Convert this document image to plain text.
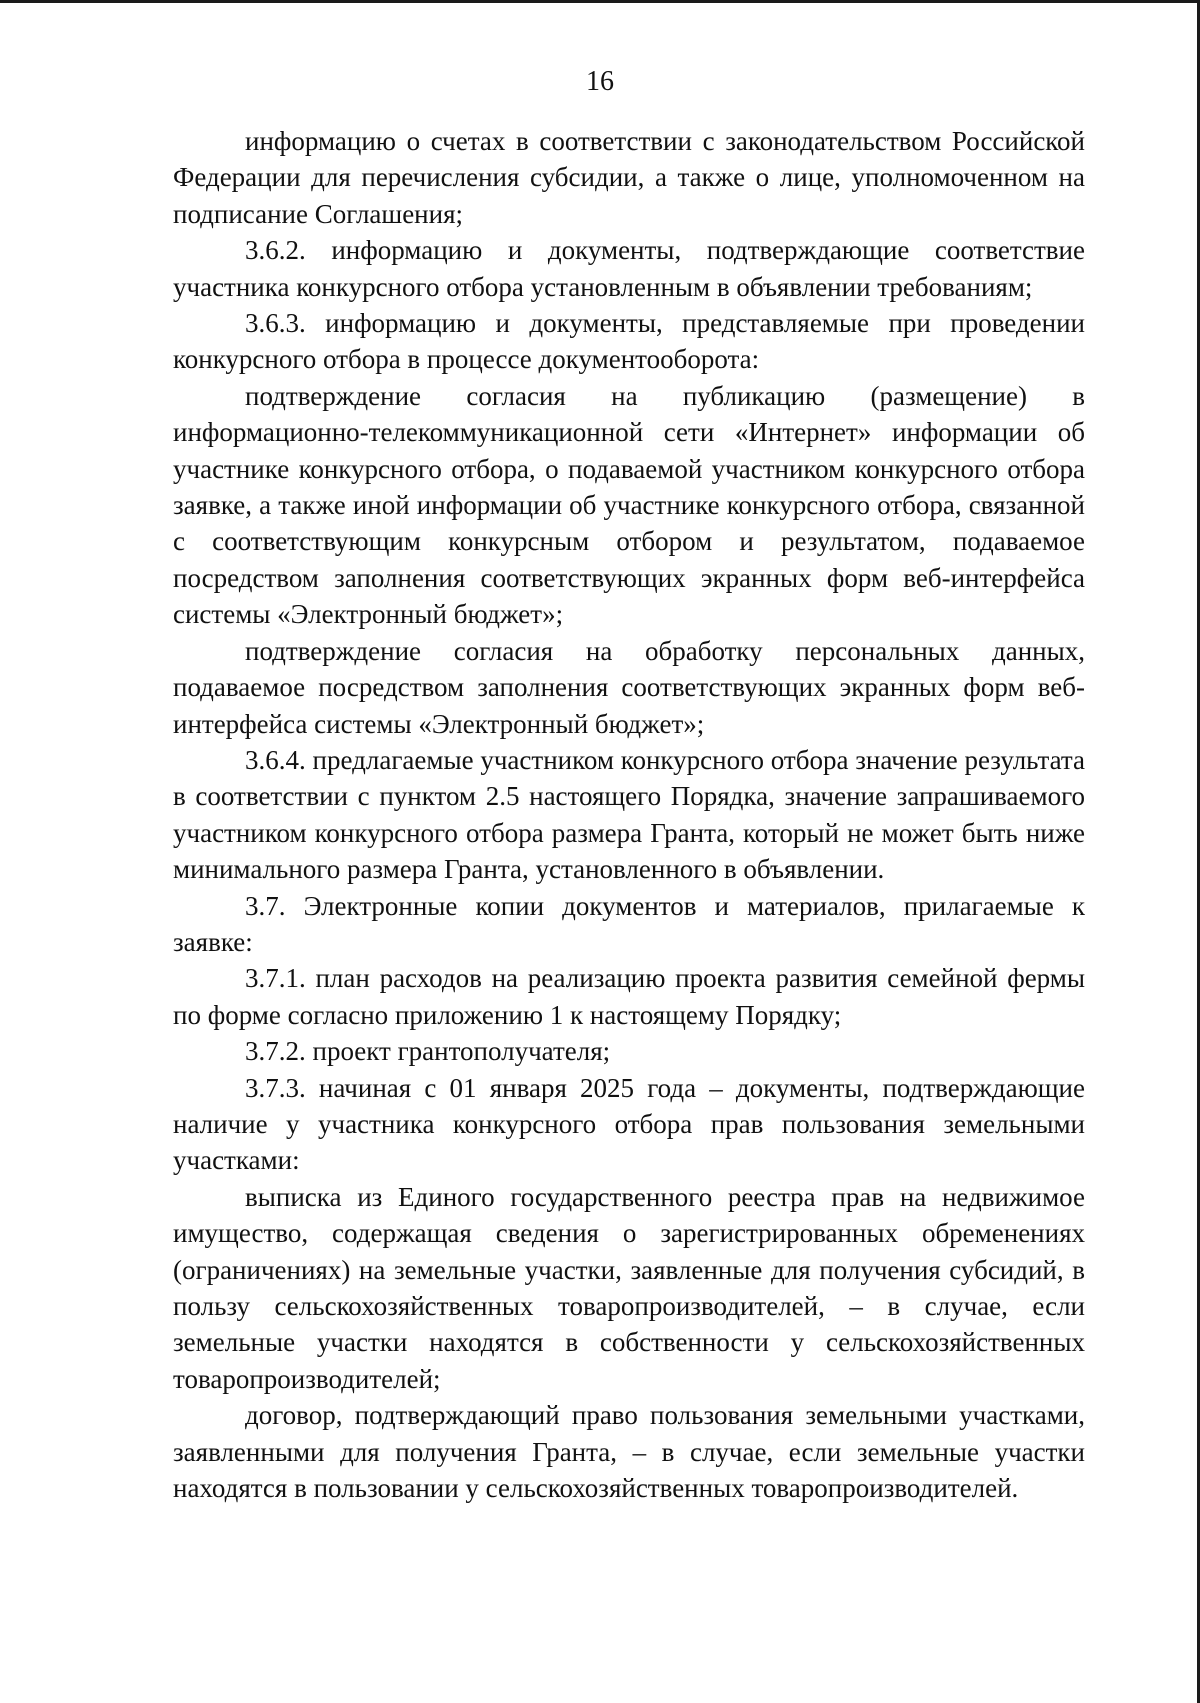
16

информацию о счетах в соответствии с законодательством Российской Федерации для перечисления субсидии, а также о лице, уполномоченном на подписание Соглашения;

3.6.2. информацию и документы, подтверждающие соответствие участника конкурсного отбора установленным в объявлении требованиям;

3.6.3. информацию и документы, представляемые при проведении конкурсного отбора в процессе документооборота:

подтверждение согласия на публикацию (размещение) в информационно-телекоммуникационной сети «Интернет» информации об участнике конкурсного отбора, о подаваемой участником конкурсного отбора заявке, а также иной информации об участнике конкурсного отбора, связанной с соответствующим конкурсным отбором и результатом, подаваемое посредством заполнения соответствующих экранных форм веб-интерфейса системы «Электронный бюджет»;

подтверждение согласия на обработку персональных данных, подаваемое посредством заполнения соответствующих экранных форм веб-интерфейса системы «Электронный бюджет»;

3.6.4. предлагаемые участником конкурсного отбора значение результата в соответствии с пунктом 2.5 настоящего Порядка, значение запрашиваемого участником конкурсного отбора размера Гранта, который не может быть ниже минимального размера Гранта, установленного в объявлении.

3.7. Электронные копии документов и материалов, прилагаемые к заявке:

3.7.1. план расходов на реализацию проекта развития семейной фермы по форме согласно приложению 1 к настоящему Порядку;

3.7.2. проект грантополучателя;

3.7.3. начиная с 01 января 2025 года – документы, подтверждающие наличие у участника конкурсного отбора прав пользования земельными участками:

выписка из Единого государственного реестра прав на недвижимое имущество, содержащая сведения о зарегистрированных обременениях (ограничениях) на земельные участки, заявленные для получения субсидий, в пользу сельскохозяйственных товаропроизводителей, – в случае, если земельные участки находятся в собственности у сельскохозяйственных товаропроизводителей;

договор, подтверждающий право пользования земельными участками, заявленными для получения Гранта, – в случае, если земельные участки находятся в пользовании у сельскохозяйственных товаропроизводителей.
